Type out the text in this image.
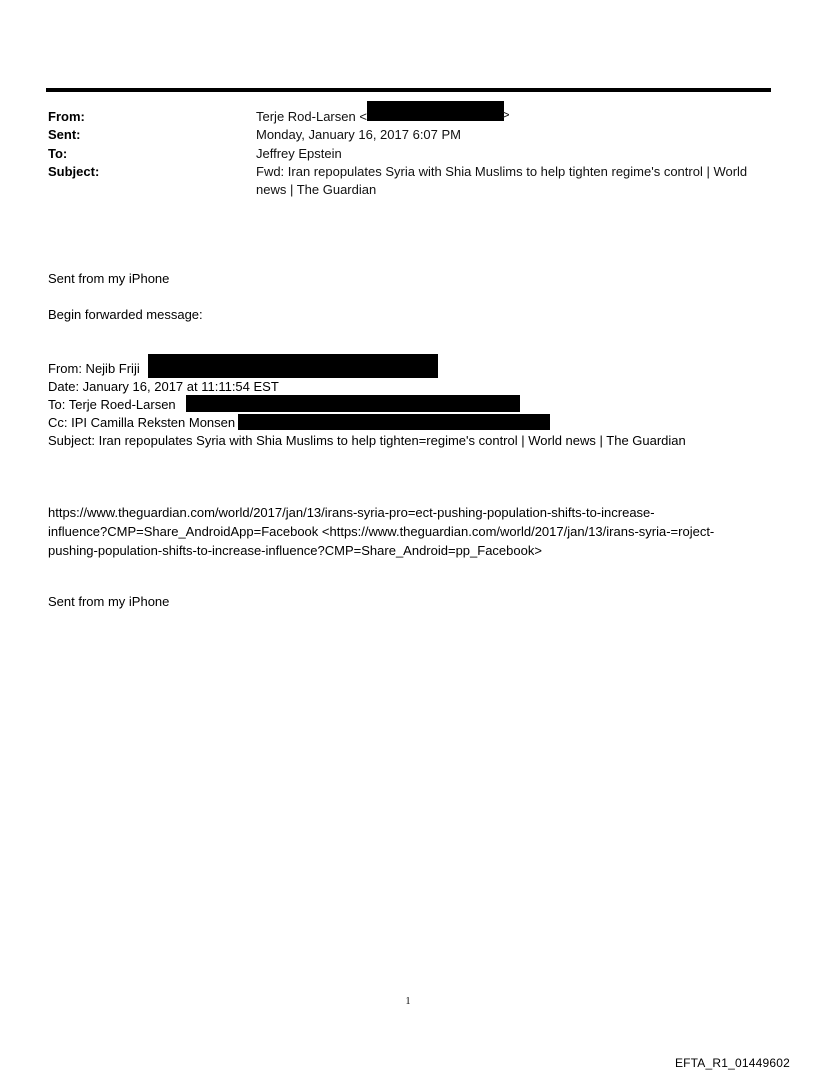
From:	Terje Rod-Larsen <	>
Sent:	Monday, January 16, 2017 6:07 PM
To:	Jeffrey Epstein
Subject:	Fwd: Iran repopulates Syria with Shia Muslims to help tighten regime's control | World news | The Guardian
Sent from my iPhone
Begin forwarded message:
From: Nejib Friji
Date: January 16, 2017 at 11:11:54 EST
To: Terje Roed-Larsen
Cc: IPI Camilla Reksten Monsen
Subject: Iran repopulates Syria with Shia Muslims to help tighten=regime's control | World news | The Guardian
https://www.theguardian.com/world/2017/jan/13/irans-syria-pro=ect-pushing-population-shifts-to-increase-
influence?CMP=Share_AndroidApp=Facebook <https://www.theguardian.com/world/2017/jan/13/irans-syria-=roject-
pushing-population-shifts-to-increase-influence?CMP=Share_Android=pp_Facebook>
Sent from my iPhone
1
EFTA_R1_01449602
